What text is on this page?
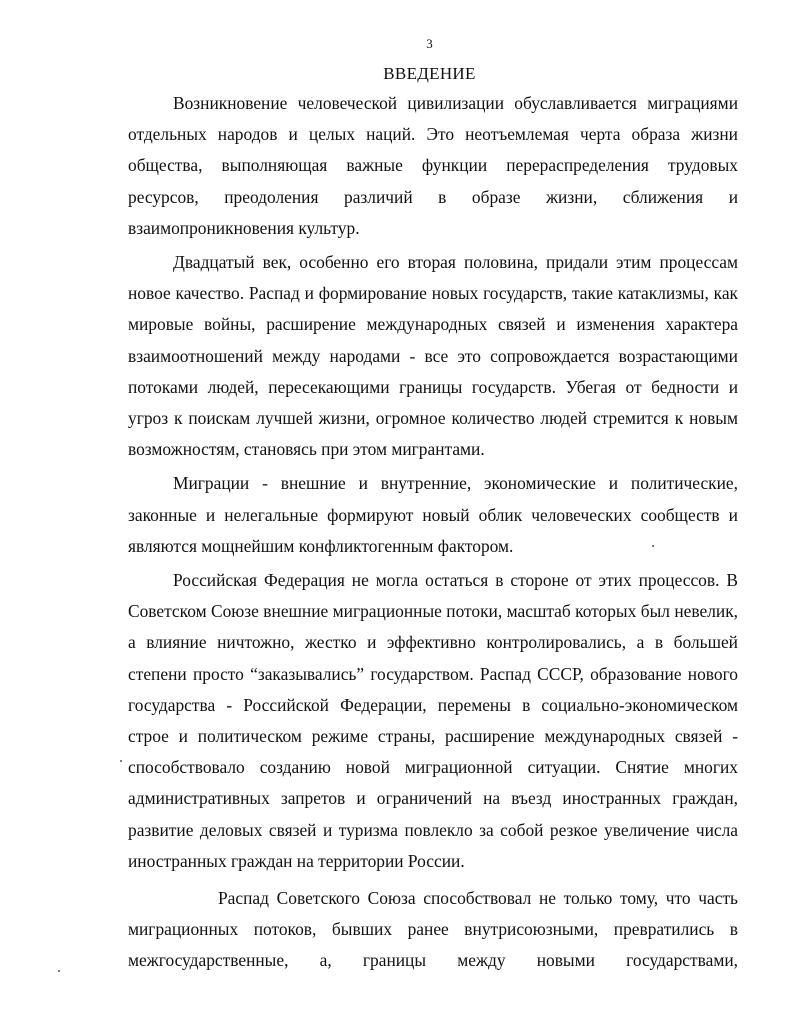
3
ВВЕДЕНИЕ

Возникновение человеческой цивилизации обуславливается миграциями отдельных народов и целых наций. Это неотъемлемая черта образа жизни общества, выполняющая важные функции перераспределения трудовых ресурсов, преодоления различий в образе жизни, сближения и взаимопроникновения культур.

Двадцатый век, особенно его вторая половина, придали этим процессам новое качество. Распад и формирование новых государств, такие катаклизмы, как мировые войны, расширение международных связей и изменения характера взаимоотношений между народами - все это сопровождается возрастающими потоками людей, пересекающими границы государств. Убегая от бедности и угроз к поискам лучшей жизни, огромное количество людей стремится к новым возможностям, становясь при этом мигрантами.

Миграции - внешние и внутренние, экономические и политические, законные и нелегальные формируют новый облик человеческих сообществ и являются мощнейшим конфликтогенным фактором.

Российская Федерация не могла остаться в стороне от этих процессов. В Советском Союзе внешние миграционные потоки, масштаб которых был невелик, а влияние ничтожно, жестко и эффективно контролировались, а в большей степени просто “заказывались” государством. Распад СССР, образование нового государства - Российской Федерации, перемены в социально-экономическом строе и политическом режиме страны, расширение международных связей - способствовало созданию новой миграционной ситуации. Снятие многих административных запретов и ограничений на въезд иностранных граждан, развитие деловых связей и туризма повлекло за собой резкое увеличение числа иностранных граждан на территории России.

Распад Советского Союза способствовал не только тому, что часть миграционных потоков, бывших ранее внутрисоюзными, превратились в межгосударственные, а, границы между новыми государствами,
